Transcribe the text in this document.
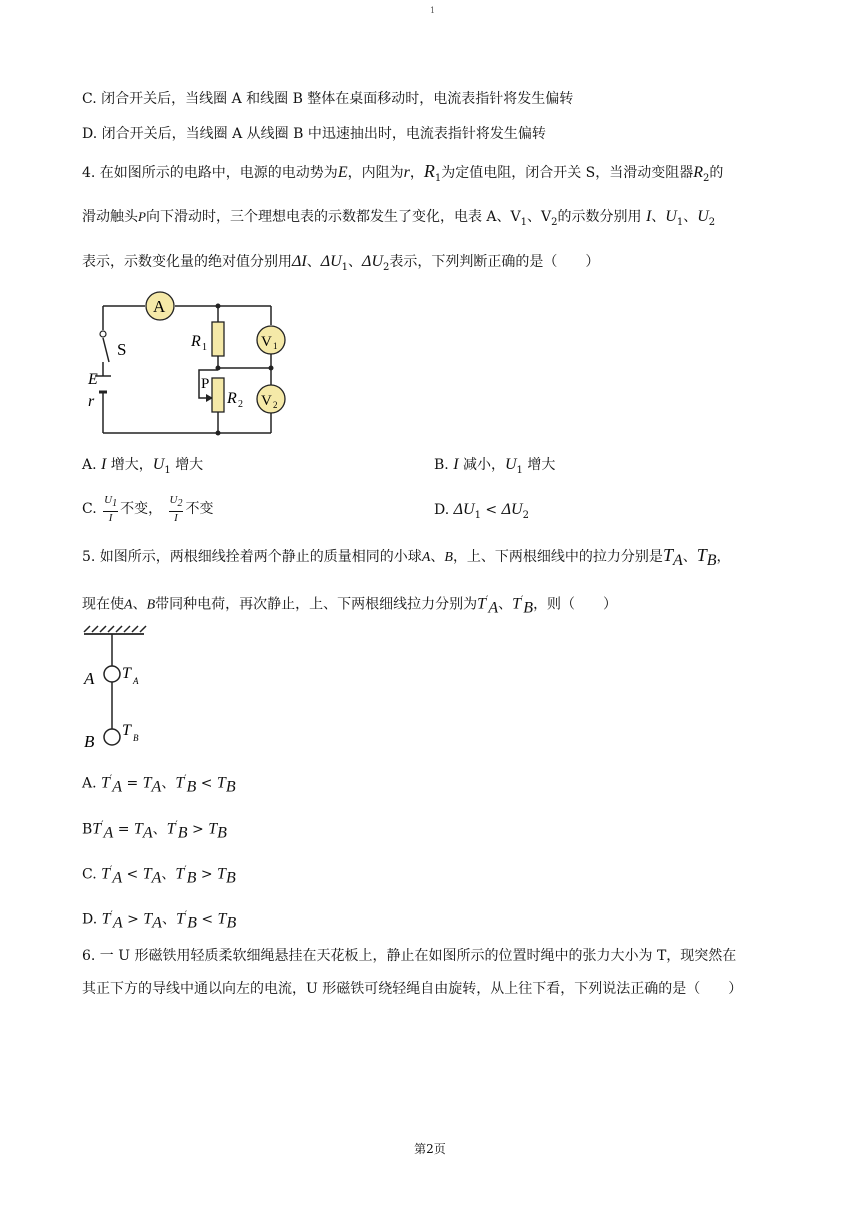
1
C. 闭合开关后，当线圈 A 和线圈 B 整体在桌面移动时，电流表指针将发生偏转
D. 闭合开关后，当线圈 A 从线圈 B 中迅速抽出时，电流表指针将发生偏转
4. 在如图所示的电路中，电源的电动势为E，内阻为r，$R_1$为定值电阻，闭合开关 S，当滑动变阻器$R_2$的
滑动触头P向下滑动时，三个理想电表的示数都发生了变化，电表 A、$V_1$、$V_2$的示数分别用 I、$U_1$、$U_2$
表示，示数变化量的绝对值分别用ΔI、$\Delta U_1$、$\Delta U_2$表示，下列判断正确的是（　　）
A
R 1	V 1
P
R 2 V 2
S
E
r
A. I 增大，$U_1$ 增大	B. I 减小，$U_1$ 增大
C. $\frac{U_1}{I}$ 不变， $\frac{U_2}{I}$ 不变	D. $\Delta U_1 < \Delta U_2$
5. 如图所示，两根细线拴着两个静止的质量相同的小球A、B，上、下两根细线中的拉力分别是$T_A$、$T_B$，
现在使A、B带同种电荷，再次静止，上、下两根细线拉力分别为$T'_A$、$T'_B$，则（　　）
A T A
B
T B
A. $T'_A = T_A$、$T'_B < T_B$
$BT'_A = T_A$、$T'_B > T_B$
C. $T'_A < T_A$、$T'_B > T_B$
D. $T'_A > T_A$、$T'_B < T_B$
6. 一 U 形磁铁用轻质柔软细绳悬挂在天花板上，静止在如图所示的位置时绳中的张力大小为 T，现突然在
其正下方的导线中通以向左的电流，U 形磁铁可绕轻绳自由旋转，从上往下看，下列说法正确的是（　　）
第2页
